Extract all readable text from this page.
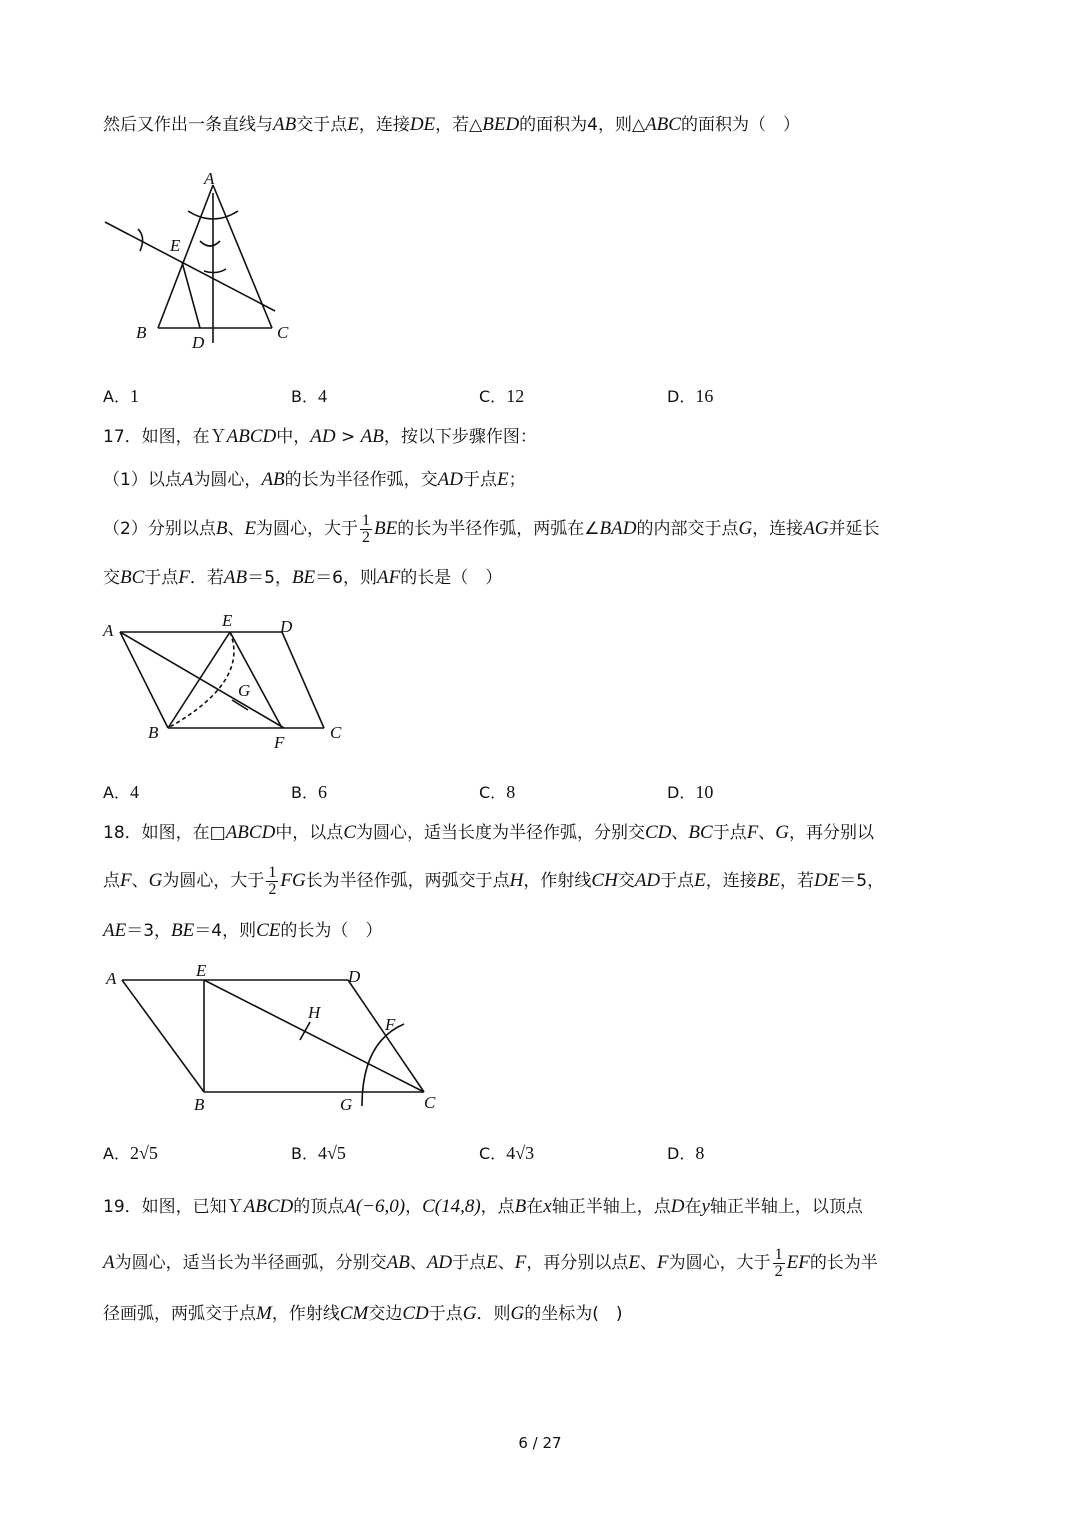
然后又作出一条直线与AB交于点E，连接DE，若△BED的面积为4，则△ABC的面积为（　）
A
E
B
D
C
A．1	B．4	C．12	D．16
17．如图，在ＹABCD中，AD > AB，按以下步骤作图：
（1）以点A为圆心，AB的长为半径作弧，交AD于点E；
（2）分别以点B、E为圆心，大于 $\frac{1}{2}$ BE的长为半径作弧，两弧在∠BAD的内部交于点G，连接AG并延长
交BC于点F．若AB＝5，BE＝6，则AF的长是（　）
A
E	D
G
B
F
C
A．4	B．6	C．8	D．10
18．如图，在□ABCD中，以点C为圆心，适当长度为半径作弧，分别交CD、BC于点F、G，再分别以
点F、G为圆心，大于 $\frac{1}{2}$ FG长为半径作弧，两弧交于点H，作射线CH交AD于点E，连接BE，若DE＝5，
AE＝3，BE＝4，则CE的长为（　）
A	E	D
H
F
B	G	C
A．2√5	B．4√5	C．4√3	D．8
19．如图，已知ＹABCD的顶点A(−6,0)，C(14,8)，点B在x轴正半轴上，点D在y轴正半轴上，以顶点
A为圆心，适当长为半径画弧，分别交AB、AD于点E、F，再分别以点E、F为圆心，大于 $\frac{1}{2}$ EF的长为半
径画弧，两弧交于点M，作射线CM交边CD于点G．则G的坐标为(　)
6 / 27
